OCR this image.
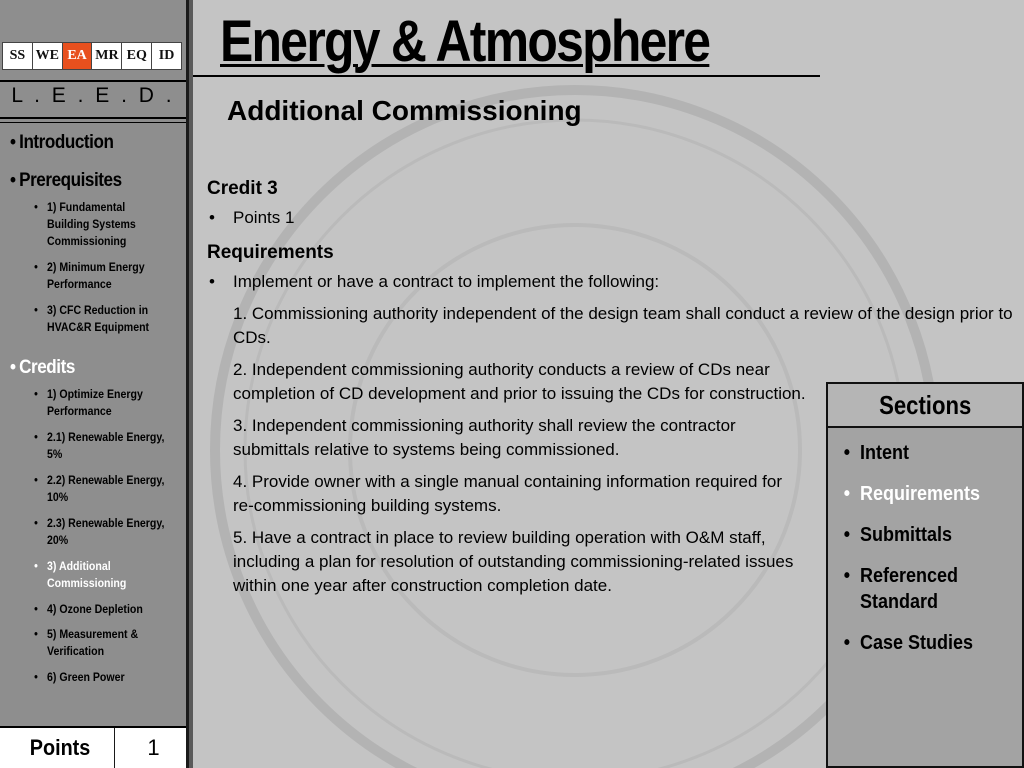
SS WE EA MR EQ ID
L . E . E . D .
• Introduction
• Prerequisites
• 1) Fundamental Building Systems Commissioning
• 2) Minimum Energy Performance
• 3) CFC Reduction in HVAC&R Equipment
• Credits
• 1) Optimize Energy Performance
• 2.1) Renewable Energy, 5%
• 2.2) Renewable Energy, 10%
• 2.3) Renewable Energy, 20%
• 3) Additional Commissioning
• 4) Ozone Depletion
• 5) Measurement & Verification
• 6) Green Power
Points	1
Energy & Atmosphere
Additional Commissioning
Credit 3
• Points 1
Requirements
• Implement or have a contract to implement the following:
1. Commissioning authority independent of the design team shall conduct a review of the design prior to CDs.
2. Independent commissioning authority conducts a review of CDs near completion of CD development and prior to issuing the CDs for construction.
3. Independent commissioning authority shall review the contractor submittals relative to systems being commissioned.
4. Provide owner with a single manual containing information required for re-commissioning building systems.
5. Have a contract in place to review building operation with O&M staff, including a plan for resolution of outstanding commissioning-related issues within one year after construction completion date.
Sections
• Intent
• Requirements
• Submittals
• Referenced Standard
• Case Studies
